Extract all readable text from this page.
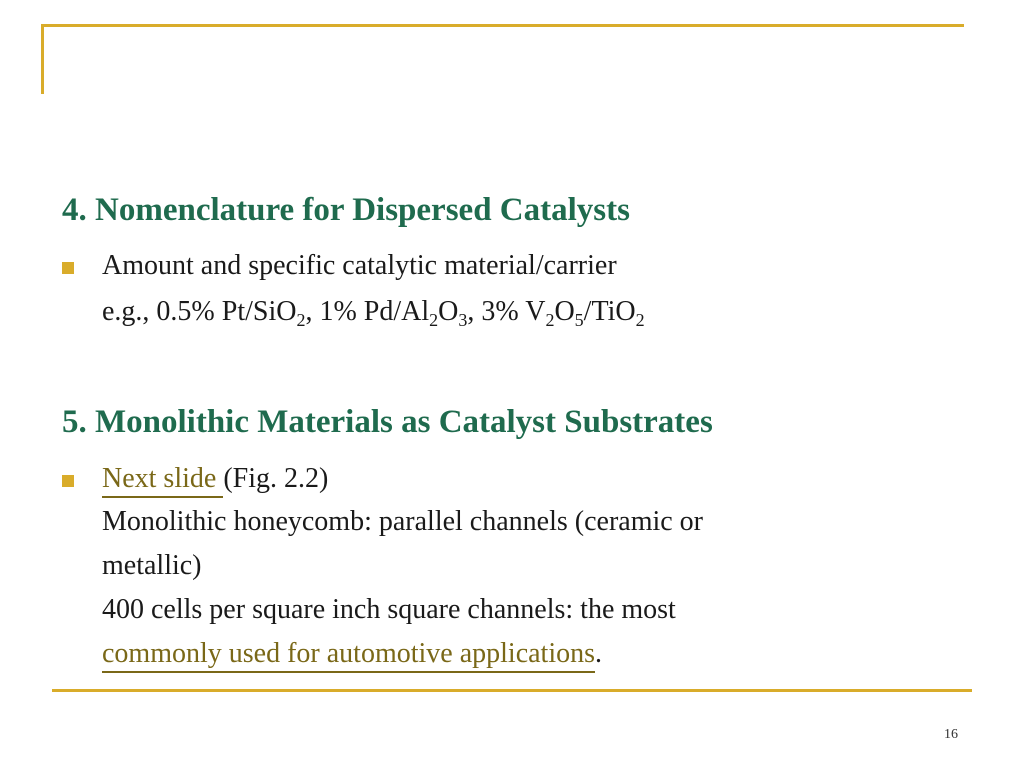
4. Nomenclature for Dispersed Catalysts
Amount and specific catalytic material/carrier
e.g., 0.5% Pt/SiO$_2$, 1% $Pd/Al_2O_3$, 3% $V_2O_5/TiO_2$
5. Monolithic Materials as Catalyst Substrates
Next slide (Fig. 2.2)
Monolithic honeycomb: parallel channels (ceramic or
metallic)
400 cells per square inch square channels: the most
commonly used for automotive applications.
16
